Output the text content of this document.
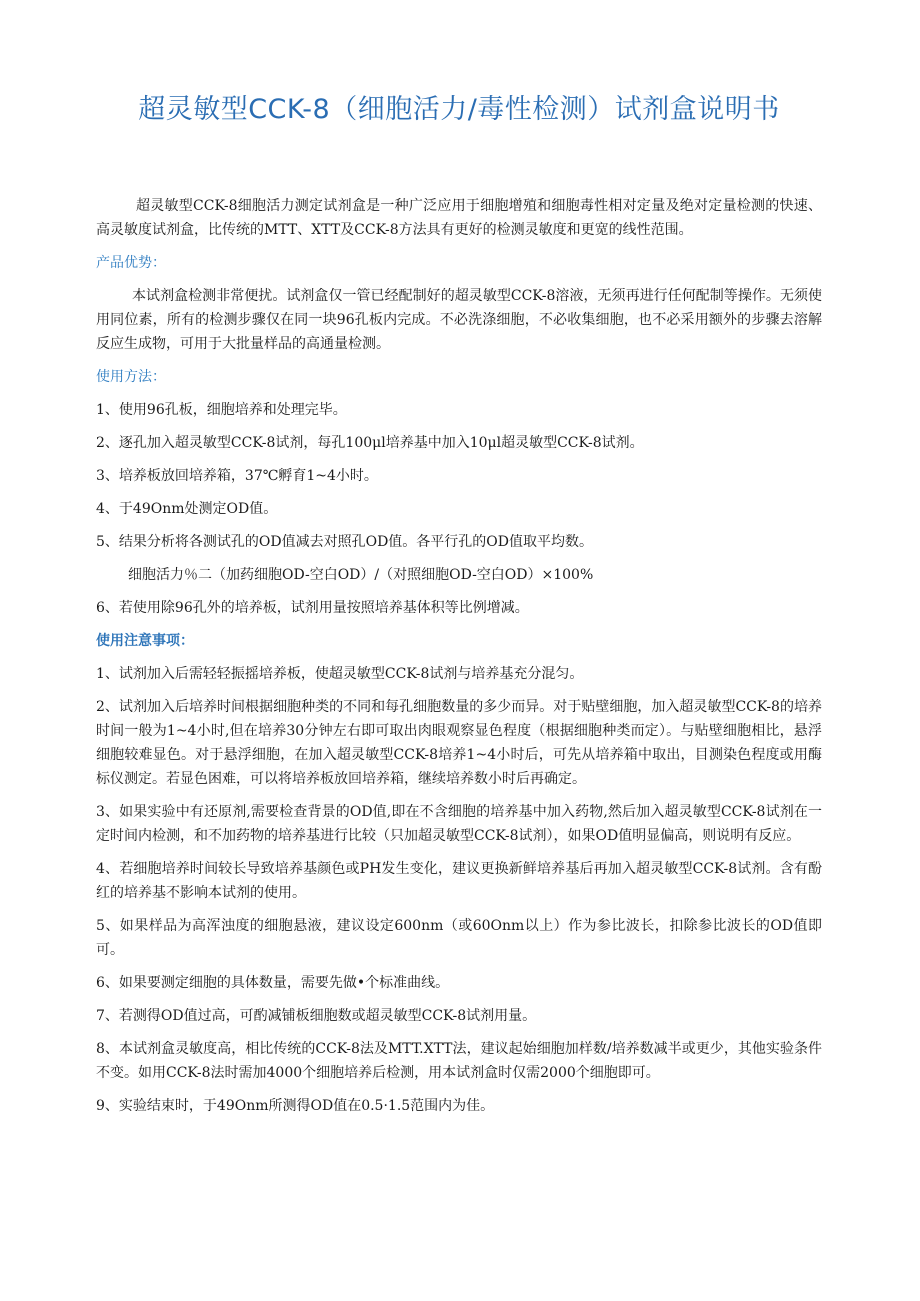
超灵敏型CCK-8（细胞活力/毒性检测）试剂盒说明书

超灵敏型CCK-8细胞活力测定试剂盒是一种广泛应用于细胞增殖和细胞毒性相对定量及绝对定量检测的快速、高灵敏度试剂盒，比传统的MTT、XTT及CCK-8方法具有更好的检测灵敏度和更宽的线性范围。

产品优势：
本试剂盒检测非常便扰。试剂盒仅一管已经配制好的超灵敏型CCK-8溶液，无须再进行任何配制等操作。无须使用同位素，所有的检测步骤仅在同一块96孔板内完成。不必洗涤细胞，不必收集细胞，也不必采用额外的步骤去溶解反应生成物，可用于大批量样品的高通量检测。
使用方法：
1、使用96孔板，细胞培养和处理完毕。
2、逐孔加入超灵敏型CCK-8试剂，每孔100μl培养基中加入10μl超灵敏型CCK-8试剂。
3、培养板放回培养箱，37℃孵育1~4小时。
4、于49Onm处测定OD值。
5、结果分析将各测试孔的OD值减去对照孔OD值。各平行孔的OD值取平均数。
细胞活力％二（加药细胞OD-空白OD）/（对照细胞OD-空白OD）×100%
6、若使用除96孔外的培养板，试剂用量按照培养基体积等比例增减。
使用注意事项：
1、试剂加入后需轻轻振摇培养板，使超灵敏型CCK-8试剂与培养基充分混匀。
2、试剂加入后培养时间根据细胞种类的不同和每孔细胞数量的多少而异。对于贴壁细胞，加入超灵敏型CCK-8的培养时间一般为1~4小时,但在培养30分钟左右即可取出肉眼观察显色程度（根据细胞种类而定）。与贴壁细胞相比，悬浮细胞较难显色。对于悬浮细胞，在加入超灵敏型CCK-8培养1~4小时后，可先从培养箱中取出，目测染色程度或用酶标仪测定。若显色困难，可以将培养板放回培养箱，继续培养数小时后再确定。
3、如果实验中有还原剂,需要检查背景的OD值,即在不含细胞的培养基中加入药物,然后加入超灵敏型CCK-8试剂在一定时间内检测，和不加药物的培养基进行比较（只加超灵敏型CCK-8试剂），如果OD值明显偏高，则说明有反应。
4、若细胞培养时间较长导致培养基颜色或PH发生变化，建议更换新鲜培养基后再加入超灵敏型CCK-8试剂。含有酚红的培养基不影响本试剂的使用。
5、如果样品为高浑浊度的细胞悬液，建议设定600nm（或60Onm以上）作为参比波长，扣除参比波长的OD值即可。
6、如果要测定细胞的具体数量，需要先做•个标准曲线。
7、若测得OD值过高，可酌减铺板细胞数或超灵敏型CCK-8试剂用量。
8、本试剂盒灵敏度高，相比传统的CCK-8法及MTT.XTT法，建议起始细胞加样数/培养数减半或更少，其他实验条件不变。如用CCK-8法时需加4000个细胞培养后检测，用本试剂盒时仅需2000个细胞即可。
9、实验结束时，于49Onm所测得OD值在0.5·1.5范围内为佳。
